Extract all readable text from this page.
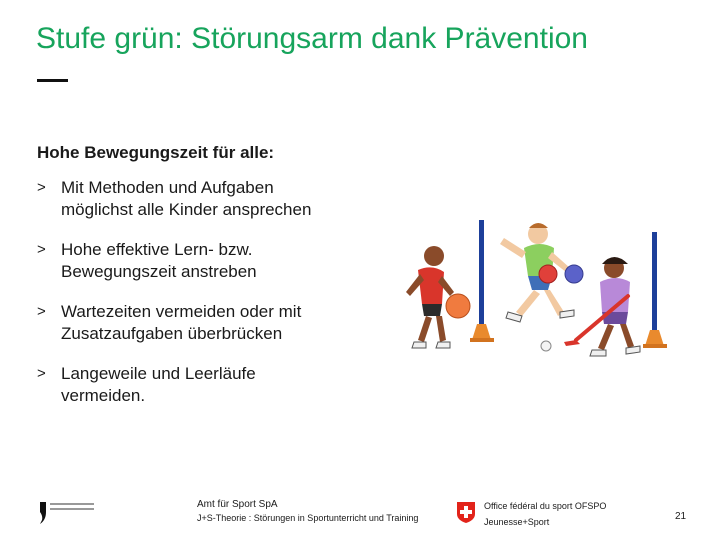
Stufe grün: Störungsarm dank Prävention
Hohe Bewegungszeit für alle:
> Mit Methoden und Aufgaben
möglichst alle Kinder ansprechen
> Hohe effektive Lern- bzw.
Bewegungszeit anstreben
> Wartezeiten vermeiden oder mit
Zusatzaufgaben überbrücken
> Langeweile und Leerläufe
vermeiden.
Amt für Sport SpA
J+S-Theorie : Störungen in Sportunterricht und Training
Office fédéral du sport OFSPO
Jeunesse+Sport	21
